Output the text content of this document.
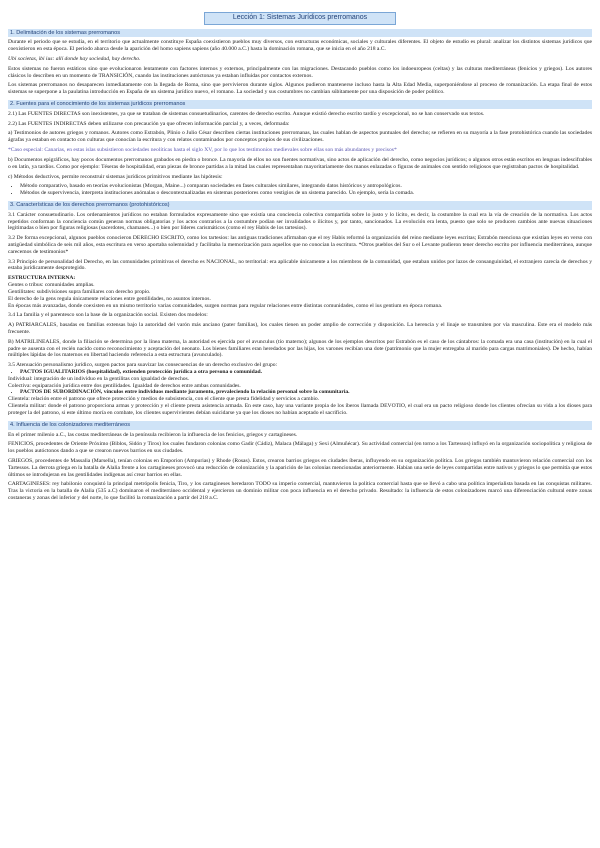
Lección 1: Sistemas Jurídicos prerromanos
1. Delimitación de los sistemas prerromanos

Durante el periodo que se estudia, en el territorio que actualmente constituye España coexistieron pueblos muy diversos, con estructuras económicas, sociales y culturales diferentes. El objeto de estudio es plural: analizar los distintos sistemas jurídicos que coexistieron en esta época. El periodo abarca desde la aparición del homo sapiens sapiens (año 40.000 a.C.) hasta la dominación romana, que se inicia en el año 218 a.C.

Ubi societas, ibi ius: allí donde hay sociedad, hay derecho.

Estos sistemas no fueron estáticos sino que evolucionaron lentamente con factores internos y externos, principalmente con las migraciones. Destacando pueblos como los indoeuropeos (celtas) y las culturas mediterráneas (fenicios y griegos). Los autores clásicos lo describen en un momento de TRANSICIÓN, cuando las instituciones autóctonas ya estaban influidas por contactos externos.

Los sistemas prerromanos no desaparecen inmediatamente con la llegada de Roma, sino que pervivieron durante siglos. Algunos pudieron mantenerse incluso hasta la Alta Edad Media, superponiéndose al proceso de romanización. La etapa final de estos sistemas se superpone a la paulatina introducción en España de un sistema jurídico nuevo, el romano. La sociedad y sus costumbres no cambian súbitamente por una disposición de poder político.

2. Fuentes para el conocimiento de los sistemas jurídicos prerromanos

2.1) Las FUENTES DIRECTAS son inexistentes, ya que se trataban de sistemas consuetudinarios, carentes de derecho escrito. Aunque existió derecho escrito tardío y excepcional, no se han conservado sus textos.

2.2) Las FUENTES INDIRECTAS deben utilizarse con precaución ya que ofrecen información parcial y, a veces, deformada:

a) Testimonios de autores griegos y romanos. Autores como Estrabón, Plinio o Julio César describen ciertas instituciones prerromanas, las cuales hablan de aspectos puntuales del derecho; se refieren en su mayoría a la fase protohistórica cuando las sociedades ágrafas ya estaban en contacto con culturas que conocían la escritura y con relatos contaminados por conceptos propios de sus civilizaciones.

*Caso especial: Canarias, en estas islas subsistieron sociedades neolíticas hasta el siglo XV, por lo que los testimonios medievales sobre ellas son más abundantes y precisos*

b) Documentos epigráficos, hay pocos documentos prerromanos grabados en piedra o bronce. La mayoría de ellos no son fuentes normativas, sino actos de aplicación del derecho, como negocios jurídicos; o algunos otros están escritos en lenguas indescifrables o en latín, ya tardíos. Como por ejemplo: Téseras de hospitalidad, eran piezas de bronce partidas a la mitad las cuales representaban mayoritariamente dos manos enlazadas o figuras de animales con sentido religiosos que registraban pactos de hospitalidad.

c) Métodos deductivos, permite reconstruir sistemas jurídicos primitivos mediante las hipótesis:

• Método comparativo, basado en teorías evolucionistas (Morgan, Maine...) comparan sociedades en fases culturales similares, integrando datos históricos y antropológicos.
• Métodos de supervivencia, interpreta instituciones anómalas o descontextualizadas en sistemas posteriores como vestigios de un sistema parecido. Un ejemplo, sería la comada.
3. Características de los derechos prerromanos (protohistóricos)

3.1 Carácter consuetudinario. Los ordenamientos jurídicos no estaban formulados expresamente sino que existía una conciencia colectiva compartida sobre lo justo y lo lícito, es decir, la costumbre la cual era la vía de creación de la normativa. Los actos repetidos conforman la conciencia común generan normas obligatorias y los actos contrarios a la costumbre podían ser invalidados o ilícitos y, por tanto, sancionados. La evolución era lenta, puesto que solo se producen cambios ante nuevas situaciones legitimadas o bien por figuras religiosas (sacerdotes, chamanes...) o bien por líderes carismáticos (como el rey Habis de los tartesios).

3.2 De forma excepcional, algunos pueblos conocieron DERECHO ESCRITO, como los tartesios: las antiguas tradiciones afirmaban que el rey Habis reformó la organización del reino mediante leyes escritas; Estrabón menciona que existían leyes en verso con antigüedad simbólica de seis mil años, esta escritura en verso aportaba solemnidad y facilitaba la memorización para aquellos que no conocían la escritura. *Otros pueblos del Sur o el Levante pudieron tener derecho escrito por influencia mediterránea, aunque carecemos de testimonios*

3.3 Principio de personalidad del Derecho, en las comunidades primitivas el derecho es NACIONAL, no territorial: era aplicable únicamente a los miembros de la comunidad, que estaban unidos por lazos de consanguinidad, el extranjero carecía de derechos y estaba jurídicamente desprotegido.

ESTRUCTURA INTERNA:

Gentes o tribus: comunidades amplias.

Gentilitates: subdivisiones supra familiares con derecho propio.

El derecho de la gens regula únicamente relaciones entre gentilidades, no asuntos internos.

En épocas más avanzadas, donde coexisten en un mismo territorio varias comunidades, surgen normas para regular relaciones entre distintas comunidades, como el ius gentium en época romana.

3.4 La familia y el parentesco son la base de la organización social. Existen dos modelos:

A) PATRIARCALES, basadas en familias extensas bajo la autoridad del varón más anciano (pater familias), los cuales tienen un poder amplio de corrección y disposición. La herencia y el linaje se transmiten por vía masculina. Este era el modelo más frecuente.

B) MATRILINEALES, donde la filiación se determina por la línea materna, la autoridad es ejercida por el avunculus (tío materno); algunos de los ejemplos descritos por Estrabón es el caso de los cántabros: la comada era una casa (institución) en la cual el padre se ausenta con el recién nacido como reconocimiento y aceptación del neonato. Los bienes familiares eran heredados por las hijas, los varones recibían una dote (patrimonio que la mujer entregaba al marido para cargas matrimoniales). De hecho, habían múltiples lápidas de los maternos en libertad haciendo referencia a esta estructura (avunculado).

3.5 Atenuación personalismo jurídico, surgen pactos para suavizar las consecuencias de un derecho exclusivo del grupo:

• PACTOS IGUALITARIOS (hospitalidad), extienden protección jurídica a otra persona o comunidad.

Individual: integración de un individuo en la gentilitas con igualdad de derechos.

Colectiva: equiparación jurídica entre dos gentilidades. Igualdad de derechos entre ambas comunidades.

• PACTOS DE SUBORDINACIÓN, vínculos entre individuos mediante juramento, prevaleciendo la relación personal sobre la comunitaria.

Clientela: relación entre el patrono que ofrece protección y medios de subsistencia, con el cliente que presta fidelidad y servicios a cambio.

Clientela militar: donde el patrono proporciona armas y protección y el cliente presta asistencia armada. En este caso, hay una variante propia de los íberos llamada DEVOTIO, el cual era un pacto religioso donde los clientes ofrecían su vida a los dioses para proteger la del patrono, si este último moría en combate, los clientes supervivientes debían suicidarse ya que los dioses no habían aceptado el sacrificio.

4. Influencia de los colonizadores mediterráneos

En el primer milenio a.C., las costas mediterráneas de la península recibieron la influencia de los fenicios, griegos y cartagineses.

FENICIOS, procedentes de Oriente Próximo (Biblos, Sidón y Tiros) los cuales fundaron colonias como Gadir (Cádiz), Malaca (Málaga) y Sexi (Almuñécar). Su actividad comercial (en torno a los Tartessos) influyó en la organización sociopolítica y religiosa de los pueblos autóctonos dando a que se crearon nuevos barrios en sus ciudades.

GRIEGOS, procedentes de Massalia (Marsella), tenían colonias en Emporion (Ampurias) y Rhode (Rosas). Estos, crearon barrios griegos en ciudades íberas, influyendo en su organización política. Los griegos también mantuvieron relación comercial con los Tartessos. La derrota griega en la batalla de Alalia frente a los cartagineses provocó una reducción de colonización y la aparición de las colonias mencionadas anteriormente. Habían una serie de leyes compartidas entre nativos y griegos lo que permitía que estos últimos se introdujeran en las gentilidades indígenas así crear barrios en ellas.

CARTAGINESES: rey habilonio conquistó la principal metrópolis fenicia, Tiro, y los cartagineses heredaron TODO su imperio comercial, mantuvieron la política comercial hasta que se llevó a cabo una política imperialista basada en las conquistas militares. Tras la victoria en la batalla de Alalia (535 a.C) dominaron el mediterráneo occidental y ejercieron un dominio militar con poca influencia en el derecho privado. Resultado: la influencia de estos colonizadores marcó una diferenciación cultural entre zonas costaneras y zonas del inferior y del norte, lo que facilitó la romanización a partir del 218 a.C.
